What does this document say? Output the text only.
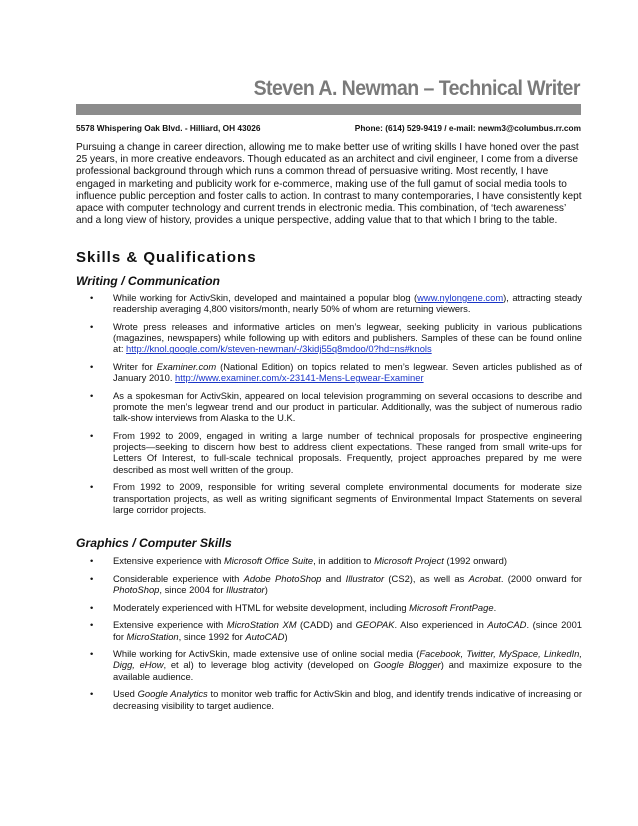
Steven A. Newman – Technical Writer
5578 Whispering Oak Blvd. - Hilliard, OH 43026	Phone: (614) 529-9419 / e-mail: newm3@columbus.rr.com

Pursuing a change in career direction, allowing me to make better use of writing skills I have honed over the past 25 years, in more creative endeavors. Though educated as an architect and civil engineer, I come from a diverse professional background through which runs a common thread of persuasive writing. Most recently, I have engaged in marketing and publicity work for e-commerce, making use of the full gamut of social media tools to influence public perception and foster calls to action. In contrast to many contemporaries, I have consistently kept apace with computer technology and current trends in electronic media. This combination, of ‘tech awareness’ and a long view of history, provides a unique perspective, adding value that to that which I bring to the table.

Skills & Qualifications
Writing / Communication
• While working for ActivSkin, developed and maintained a popular blog (www.nylongene.com), attracting steady readership averaging 4,800 visitors/month, nearly 50% of whom are returning viewers.
• Wrote press releases and informative articles on men’s legwear, seeking publicity in various publications (magazines, newspapers) while following up with editors and publishers. Samples of these can be found online at: http://knol.google.com/k/steven-newman/-/3kidj55q8mdoo/0?hd=ns#knols
• Writer for Examiner.com (National Edition) on topics related to men’s legwear. Seven articles published as of January 2010. http://www.examiner.com/x-23141-Mens-Legwear-Examiner
• As a spokesman for ActivSkin, appeared on local television programming on several occasions to describe and promote the men’s legwear trend and our product in particular. Additionally, was the subject of numerous radio talk-show interviews from Alaska to the U.K.
• From 1992 to 2009, engaged in writing a large number of technical proposals for prospective engineering projects—seeking to discern how best to address client expectations. These ranged from small write-ups for Letters Of Interest, to full-scale technical proposals. Frequently, project approaches prepared by me were described as most well written of the group.
• From 1992 to 2009, responsible for writing several complete environmental documents for moderate size transportation projects, as well as writing significant segments of Environmental Impact Statements on several large corridor projects.
Graphics / Computer Skills
• Extensive experience with Microsoft Office Suite, in addition to Microsoft Project (1992 onward)
• Considerable experience with Adobe PhotoShop and Illustrator (CS2), as well as Acrobat. (2000 onward for PhotoShop, since 2004 for Illustrator)
• Moderately experienced with HTML for website development, including Microsoft FrontPage.
• Extensive experience with MicroStation XM (CADD) and GEOPAK. Also experienced in AutoCAD. (since 2001 for MicroStation, since 1992 for AutoCAD)
• While working for ActivSkin, made extensive use of online social media (Facebook, Twitter, MySpace, LinkedIn, Digg, eHow, et al) to leverage blog activity (developed on Google Blogger) and maximize exposure to the available audience.
• Used Google Analytics to monitor web traffic for ActivSkin and blog, and identify trends indicative of increasing or decreasing visibility to target audience.
